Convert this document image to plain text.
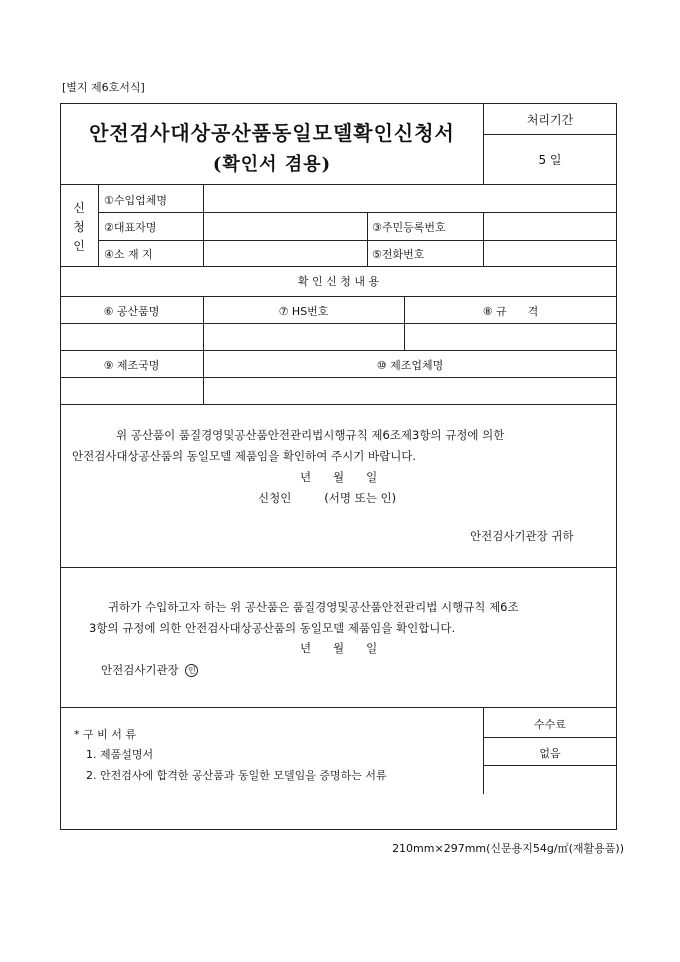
[별지 제6호서식]
안전검사대상공산품동일모델확인신청서
(확인서 겸용)
처리기간
5 일
신
청
인
①수입업체명
②대표자명	③주민등록번호
④소 재 지	⑤전화번호
확 인 신 청 내 용
⑥ 공산품명	⑦ HS번호	⑧ 규      격
⑨ 제조국명	⑩ 제조업체명
위 공산품이 품질경영및공산품안전관리법시행규칙 제6조제3항의 규정에 의한
안전검사대상공산품의 동일모델 제품임을 확인하여 주시기 바랍니다.
년      월      일
신청인         (서명 또는 인)
안전검사기관장 귀하
귀하가 수입하고자 하는 위 공산품은 품질경영및공산품안전관리법 시행규칙 제6조
3항의 규정에 의한 안전검사대상공산품의 동일모델 제품임을 확인합니다.
년      월      일
안전검사기관장 인
* 구 비 서 류
1. 제품설명서
2. 안전검사에 합격한 공산품과 동일한 모델임을 증명하는 서류
수수료
없음
210mm×297mm(신문용지54g/㎡(재활용품))
